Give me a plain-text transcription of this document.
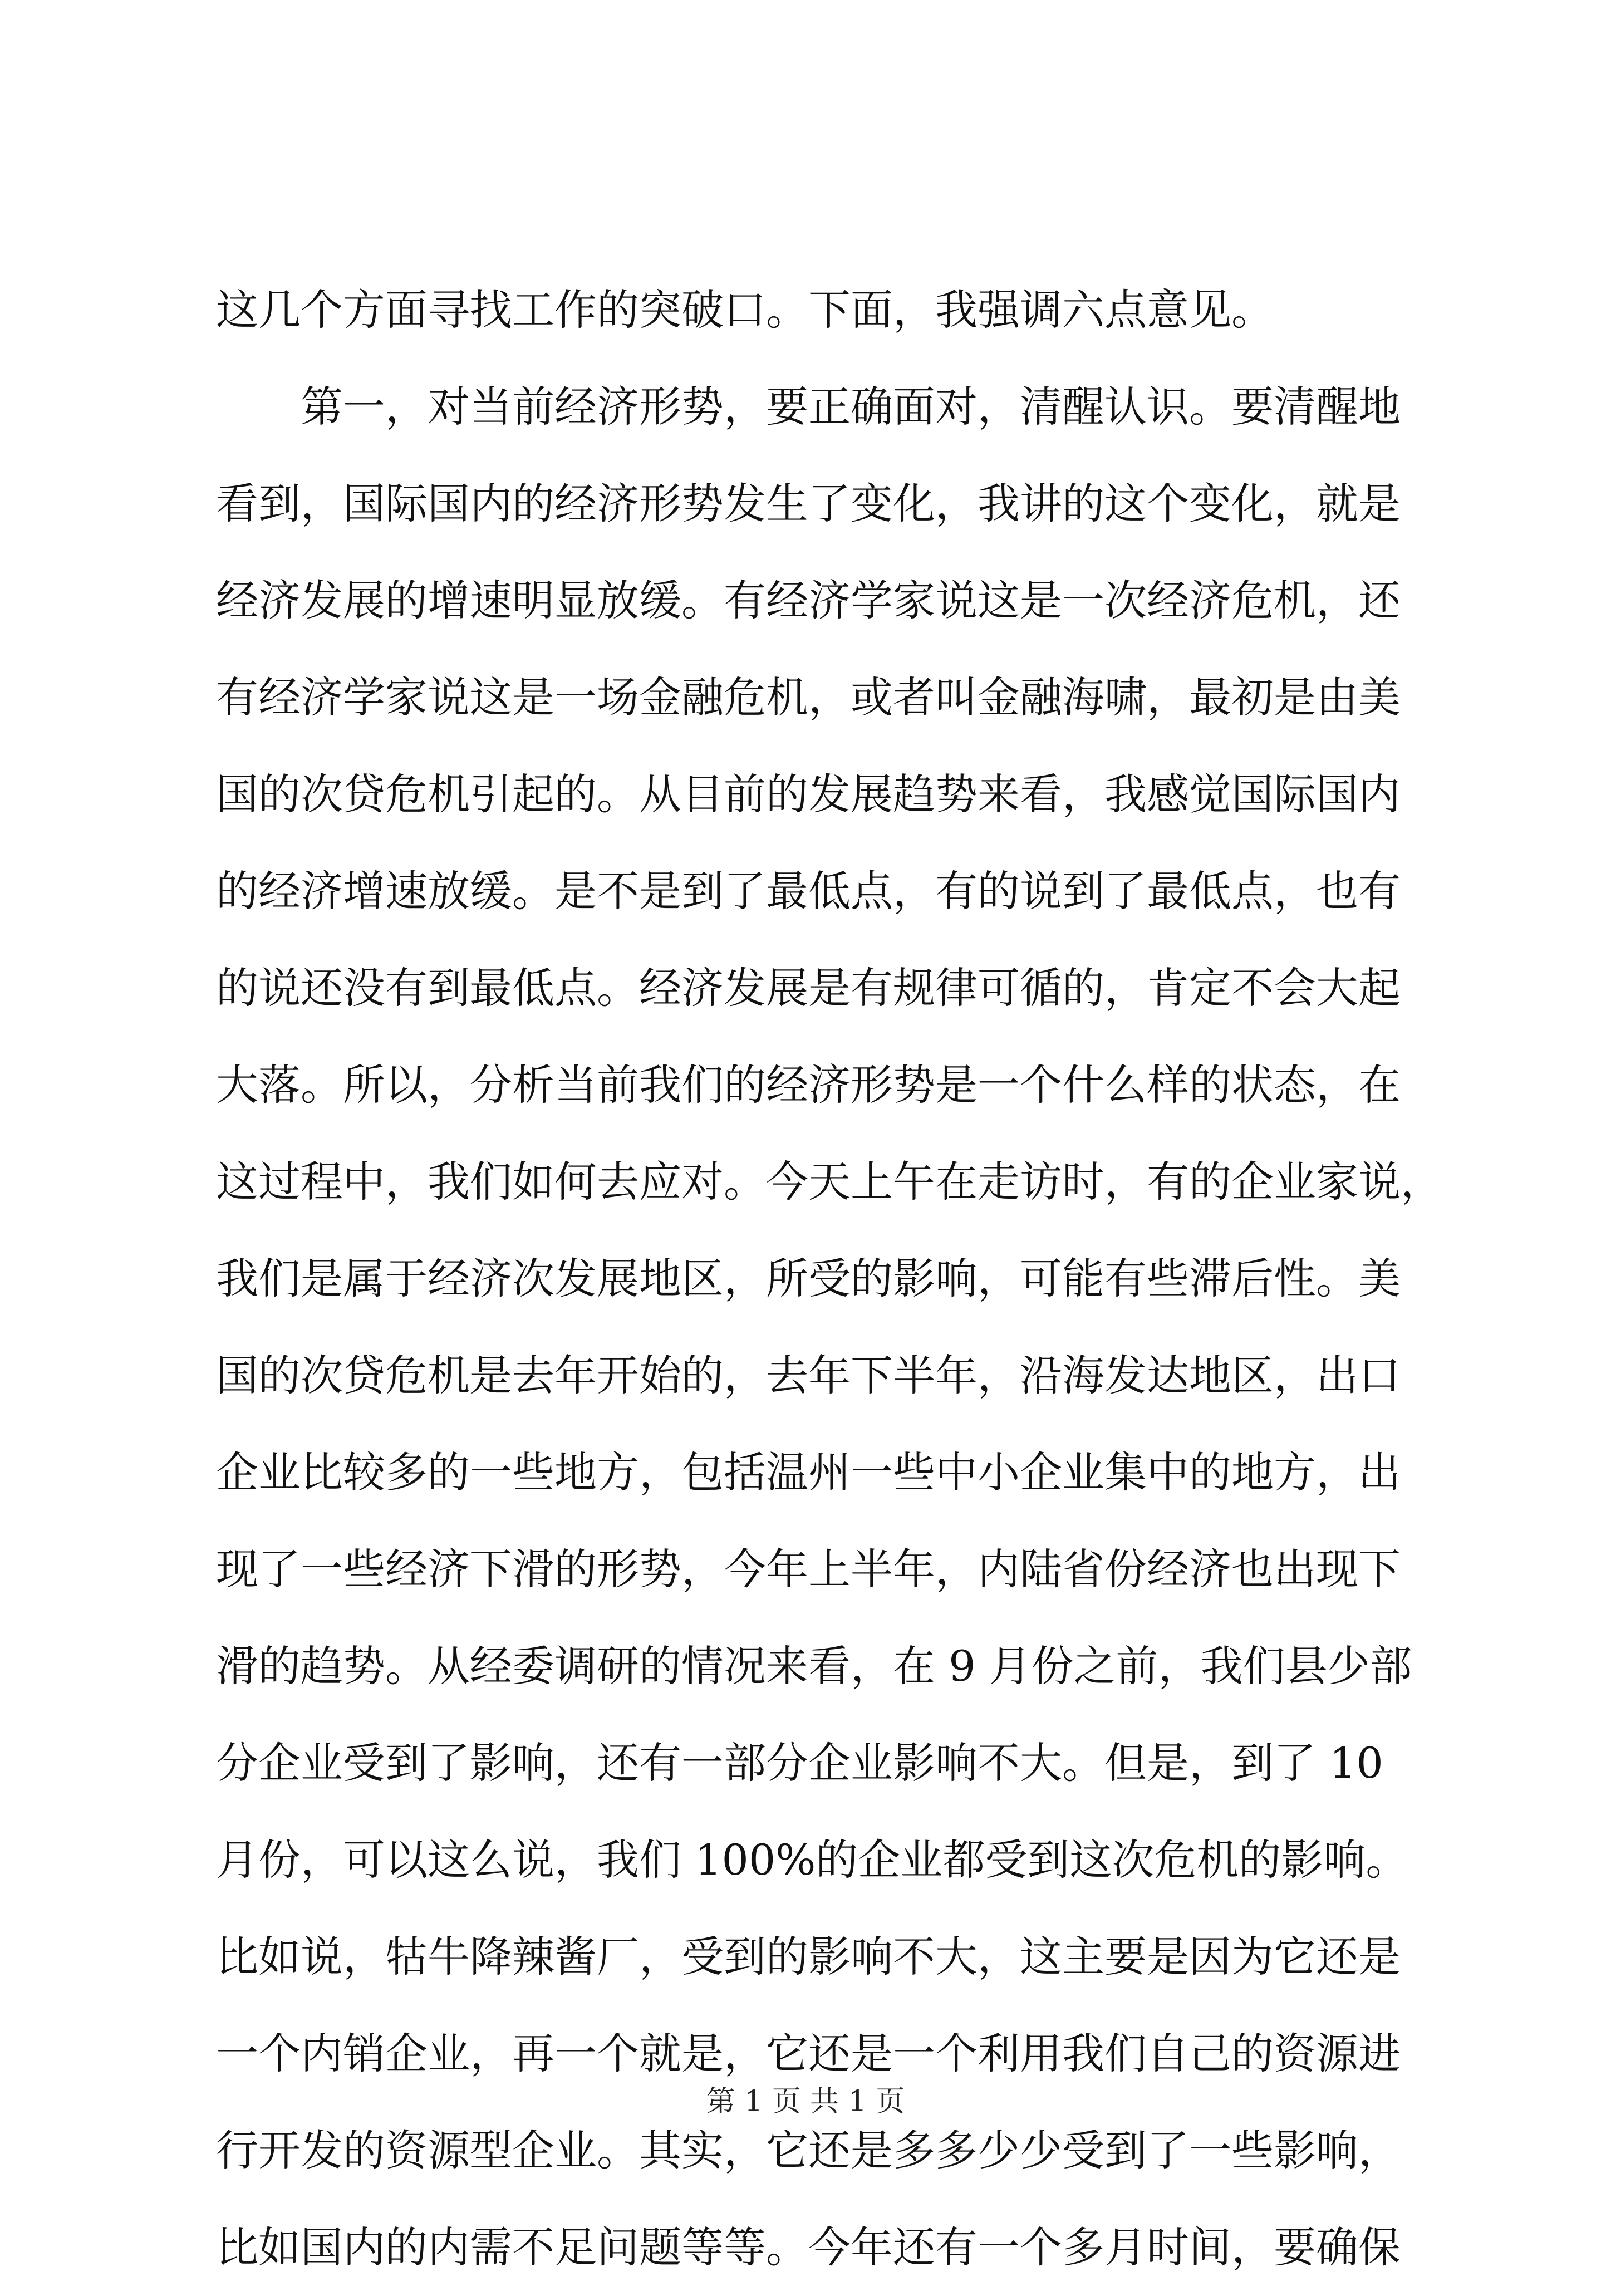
这几个方面寻找工作的突破口。下面，我强调六点意见。
　　第一，对当前经济形势，要正确面对，清醒认识。要清醒地
看到，国际国内的经济形势发生了变化，我讲的这个变化，就是
经济发展的增速明显放缓。有经济学家说这是一次经济危机，还
有经济学家说这是一场金融危机，或者叫金融海啸，最初是由美
国的次贷危机引起的。从目前的发展趋势来看，我感觉国际国内
的经济增速放缓。是不是到了最低点，有的说到了最低点，也有
的说还没有到最低点。经济发展是有规律可循的，肯定不会大起
大落。所以，分析当前我们的经济形势是一个什么样的状态，在
这过程中，我们如何去应对。今天上午在走访时，有的企业家说，
我们是属于经济次发展地区，所受的影响，可能有些滞后性。美
国的次贷危机是去年开始的，去年下半年，沿海发达地区，出口
企业比较多的一些地方，包括温州一些中小企业集中的地方，出
现了一些经济下滑的形势，今年上半年，内陆省份经济也出现下
滑的趋势。从经委调研的情况来看，在 9 月份之前，我们县少部
分企业受到了影响，还有一部分企业影响不大。但是，到了 10
月份，可以这么说，我们 100%的企业都受到这次危机的影响。
比如说，牯牛降辣酱厂，受到的影响不大，这主要是因为它还是
一个内销企业，再一个就是，它还是一个利用我们自己的资源进
行开发的资源型企业。其实，它还是多多少少受到了一些影响，
比如国内的内需不足问题等等。今年还有一个多月时间，要确保
第 1 页 共 1 页
